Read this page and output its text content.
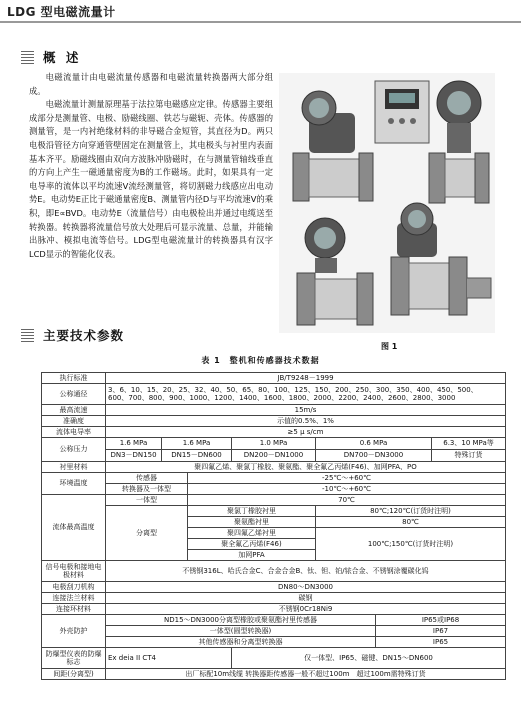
LDG 型电磁流量计
概 述

电磁流量计由电磁流量传感器和电磁流量转换器两大部分组成。

电磁流量计测量原理基于法拉第电磁感应定律。传感器主要组成部分是测量管、电极、励磁线圈、铁芯与磁轭、壳体。传感器的测量管，是一内衬绝缘材料的非导磁合金短管，其直径为D。两只电极沿管径方向穿通管壁固定在测量管上，其电极头与衬里内表面基本齐平。励磁线圈由双向方波脉冲励磁时，在与测量管轴线垂直的方向上产生一磁通量密度为B的工作磁场。此时，如果具有一定电导率的流体以平均流速V流经测量管，将切割磁力线感应出电动势E。电动势E正比于磁通量密度B、测量管内径D与平均流速V的乘积，即E∝BVD。电动势E（流量信号）由电极检出并通过电缆送至转换器。转换器将流量信号放大处理后可显示流量、总量，并能输出脉冲、模拟电流等信号。LDG型电磁流量计的转换器具有汉字LCD显示的智能化仪表。

图 1
主要技术参数
表 1　整机和传感器技术数据
执行标准	JB/T9248－1999						
公称通径	3、6、10、15、20、25、32、40、50、65、80、100、125、150、200、250、300、350、400、450、500、
600、700、800、900、1000、1200、1400、1600、1800、2000、2200、2400、2600、2800、3000						
最高流速	15m/s						
准确度	示值的0.5%、1%						
流体电导率	≥5 μ s/cm						
公称压力	1.6 MPa	1.6 MPa		1.0 MPa	0.6 MPa		6.3、10 MPa等
	DN3－DN150	DN15－DN600		DN200－DN1000	DN700－DN3000		特殊订货
衬里材料	聚四氟乙烯、聚氯丁橡胶、聚氨酯、聚全氟乙丙烯(F46)、加网PFA、PO						
环境温度	传感器		-25℃～+60℃				
	转换器及一体型		-10℃～+60℃				
流体最高温度	一体型		70℃				
	分离型		聚氯丁橡胶衬里		80℃;120℃(订货时注明)		
			聚氨酯衬里		80℃		
			聚四氟乙烯衬里		100℃;150℃(订货时注明)		
			聚全氟乙丙烯(F46)				
			加网PFA				
信号电极和接地电极材料	不锈钢316L、哈氏合金C、合金合金B、钛、钽、铂/铱合金、不锈钢涂覆碳化钨						
电极刮刀机构	DN80～DN3000						
连接法兰材料	碳钢						
连接环材料	不锈钢0Cr18Ni9						
外壳防护	ND15～DN3000分离型橡胶或聚氨酯衬里传感器					IP65或IP68	
	一体型(圆型转换器)					IP67	
	其他传感器和分离型转换器					IP65	
防爆型仪表的防爆标志	Ex deia II CT4			仅一体型、IP65、磁键、DN15～DN600			
间距(分离型)	出厂标配10m线缆 转换器距传感器一般不超过100m　超过100m需特殊订货						
